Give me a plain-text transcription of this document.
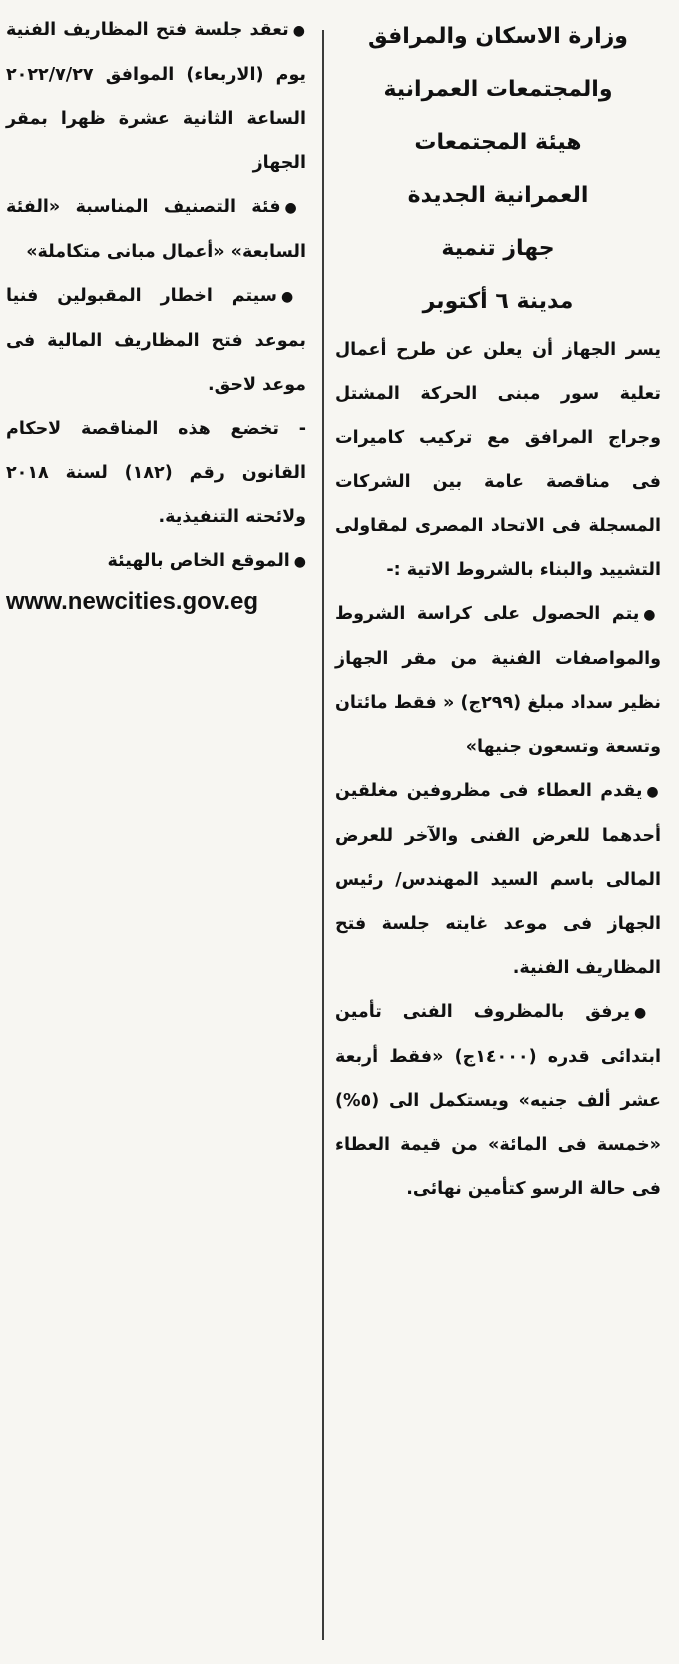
وزارة الاسكان والمرافق

والمجتمعات العمرانية

هيئة المجتمعات

العمرانية الجديدة

جهاز تنمية

مدينة ٦ أكتوبر

يسر الجهاز أن يعلن عن طرح أعمال تعلية سور مبنى الحركة المشتل وجراج المرافق مع تركيب كاميرات فى مناقصة عامة بين الشركات المسجلة فى الاتحاد المصرى لمقاولى التشييد والبناء بالشروط الاتية :-

●يتم الحصول على كراسة الشروط والمواصفات الفنية من مقر الجهاز نظير سداد مبلغ (٢٩٩ج) « فقط مائتان وتسعة وتسعون جنيها»

●يقدم العطاء فى مظروفين مغلقين أحدهما للعرض الفنى والآخر للعرض المالى باسم السيد المهندس/ رئيس الجهاز فى موعد غايته جلسة فتح المظاريف الفنية.

●يرفق بالمظروف الفنى تأمين ابتدائى قدره (١٤٠٠٠ج) «فقط أربعة عشر ألف جنيه» ويستكمل الى (٥%) «خمسة فى المائة» من قيمة العطاء فى حالة الرسو كتأمين نهائى.

●تعقد جلسة فتح المظاريف الفنية يوم (الاربعاء) الموافق ٢٠٢٢/٧/٢٧ الساعة الثانية عشرة ظهرا بمقر الجهاز

●فئة التصنيف المناسبة «الفئة السابعة» «أعمال مبانى متكاملة»

●سيتم اخطار المقبولين فنيا بموعد فتح المظاريف المالية فى موعد لاحق.

- تخضع هذه المناقصة لاحكام القانون رقم (١٨٢) لسنة ٢٠١٨ ولائحته التنفيذية.

●الموقع الخاص بالهيئة

www.newcities.gov.eg
